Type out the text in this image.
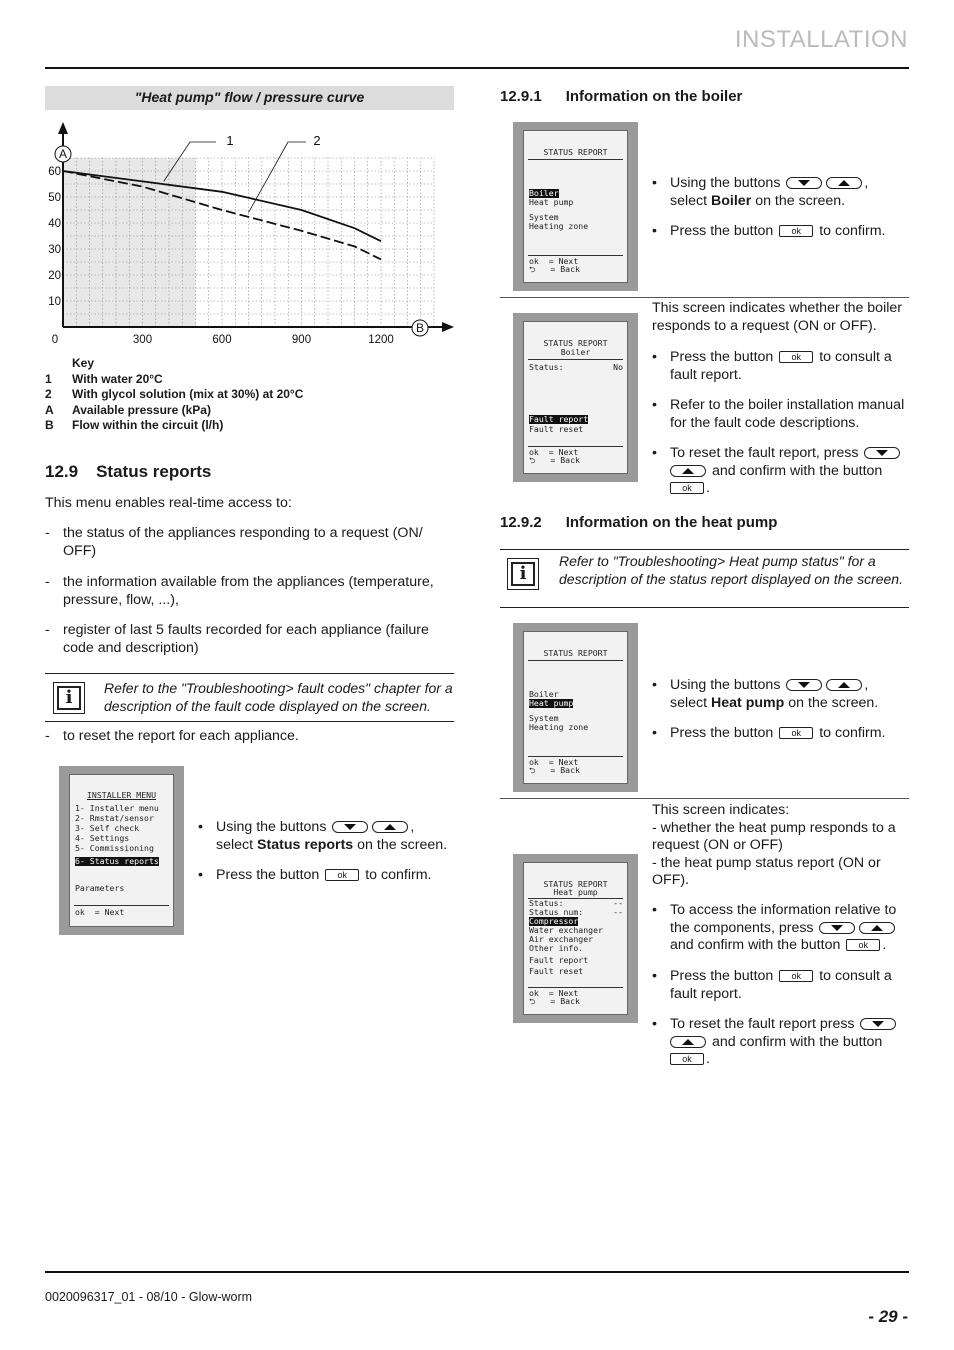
INSTALLATION
"Heat pump" flow / pressure curve
10
20
30
40
50
60
300	600	900	1200
0
1	2
A
B
Key
1 With water 20°C
2 With glycol solution (mix at 30%) at 20°C
A Available pressure (kPa)
B Flow within the circuit (l/h)
12.9 Status reports
This menu enables real-time access to:
- the status of the appliances responding to a request (ON/ OFF)
- the information available from the appliances (temperature, pressure, flow, ...),
- register of last 5 faults recorded for each appliance (failure code and description)
i	Refer to the "Troubleshooting> fault codes" chapter for a description of the fault code displayed on the screen.
- to reset the report for each appliance.
INSTALLER MENU
1- Installer menu
2- Rmstat/sensor
3- Self check
4- Settings
5- Commissioning
6- Status reports
Parameters
ok  = Next
• Using the buttons	,
select Status reports on the screen.
• Press the button ok to confirm.
12.9.1 Information on the boiler
STATUS REPORT
Boiler
Heat pump
System
Heating zone
ok  = Next
⮌   = Back
• Using the buttons	,
select Boiler on the screen.
• Press the button ok to confirm.
STATUS REPORT
Boiler
Status:	No
Fault report
Fault reset
ok  = Next
⮌   = Back
This screen indicates whether the boiler responds to a request (ON or OFF).
• Press the button ok to consult a fault report.
• Refer to the boiler installation manual for the fault code descriptions.
• To reset the fault report, press

and confirm with the button
ok .
12.9.2 Information on the heat pump
i
Refer to "Troubleshooting> Heat pump status" for a description of the status report displayed on the screen.
STATUS REPORT
Boiler
Heat pump
System
Heating zone
ok  = Next
⮌   = Back
• Using the buttons	,
select Heat pump on the screen.
• Press the button ok to confirm.
STATUS REPORT
Heat pump
Status:	--
Status num:	--
Compressor
Water exchanger
Air exchanger
Other info.
Fault report
Fault reset
ok  = Next
⮌   = Back
This screen indicates:
- whether the heat pump responds to a request (ON or OFF)
- the heat pump status report (ON or OFF).
• To access the information relative to the components, press

and confirm with the button ok .
• Press the button ok to consult a fault report.
• To reset the fault report press

and confirm with the button
ok .
0020096317_01 - 08/10 - Glow-worm
- 29 -
